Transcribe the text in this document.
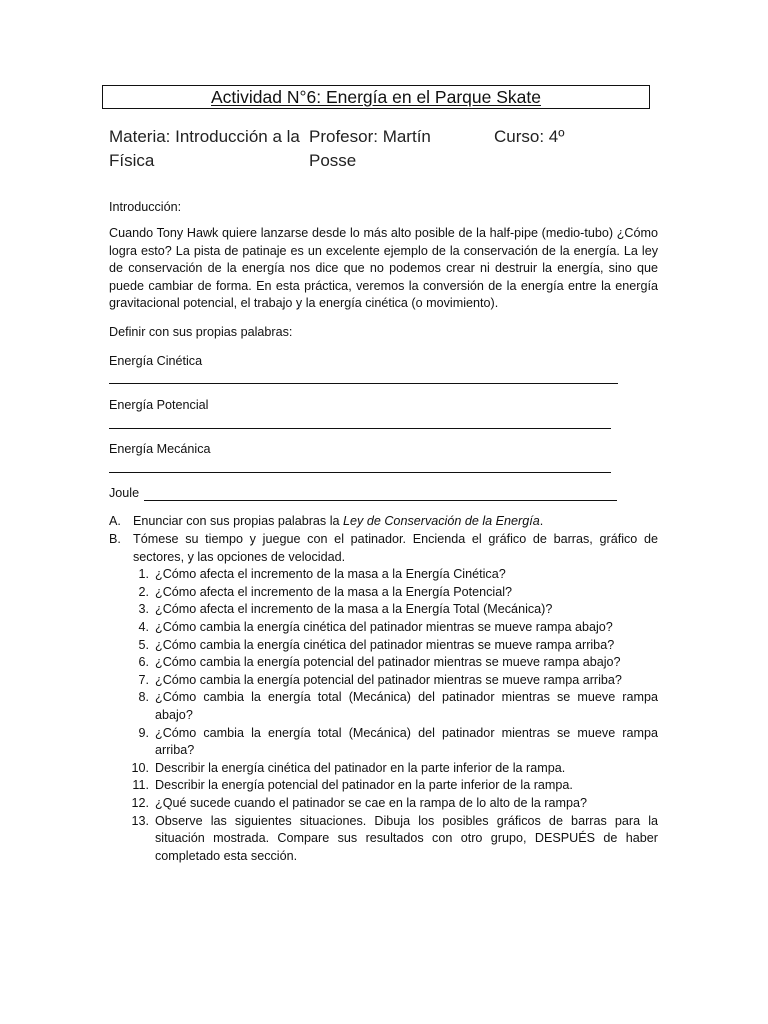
Actividad N°6: Energía en el Parque Skate
Materia: Introducción a la Física
Profesor: Martín Posse
Curso: 4º
Introducción:
Cuando Tony Hawk quiere lanzarse desde lo más alto posible de la half-pipe (medio-tubo) ¿Cómo logra esto? La pista de patinaje es un excelente ejemplo de la conservación de la energía. La ley de conservación de la energía nos dice que no podemos crear ni destruir la energía, sino que puede cambiar de forma. En esta práctica, veremos la conversión de la energía entre la energía gravitacional potencial, el trabajo y la energía cinética (o movimiento).
Definir con sus propias palabras:
Energía Cinética
Energía Potencial
Energía Mecánica
Joule
A. Enunciar con sus propias palabras la Ley de Conservación de la Energía.
B. Tómese su tiempo y juegue con el patinador. Encienda el gráfico de barras, gráfico de sectores, y las opciones de velocidad.
1. ¿Cómo afecta el incremento de la masa a la Energía Cinética?
2. ¿Cómo afecta el incremento de la masa a la Energía Potencial?
3. ¿Cómo afecta el incremento de la masa a la Energía Total (Mecánica)?
4. ¿Cómo cambia la energía cinética del patinador mientras se mueve rampa abajo?
5. ¿Cómo cambia la energía cinética del patinador mientras se mueve rampa arriba?
6. ¿Cómo cambia la energía potencial del patinador mientras se mueve rampa abajo?
7. ¿Cómo cambia la energía potencial del patinador mientras se mueve rampa arriba?
8. ¿Cómo cambia la energía total (Mecánica) del patinador mientras se mueve rampa abajo?
9. ¿Cómo cambia la energía total (Mecánica) del patinador mientras se mueve rampa arriba?
10. Describir la energía cinética del patinador en la parte inferior de la rampa.
11. Describir la energía potencial del patinador en la parte inferior de la rampa.
12. ¿Qué sucede cuando el patinador se cae en la rampa de lo alto de la rampa?
13. Observe las siguientes situaciones. Dibuja los posibles gráficos de barras para la situación mostrada. Compare sus resultados con otro grupo, DESPUÉS de haber completado esta sección.
